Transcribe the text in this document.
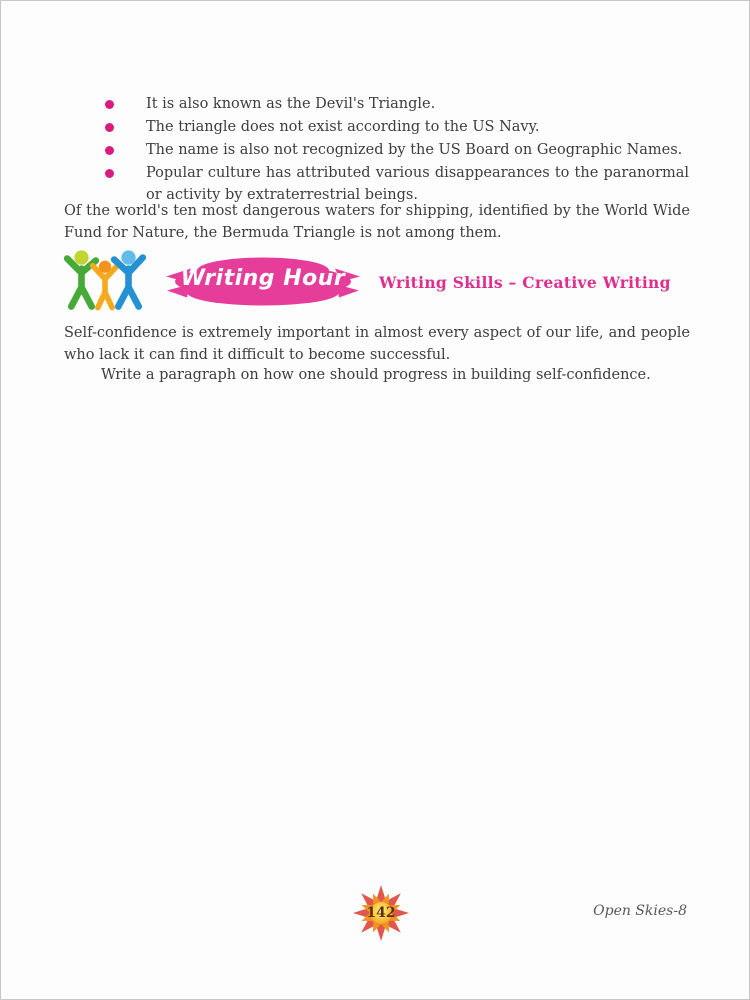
It is also known as the Devil's Triangle.
The triangle does not exist according to the US Navy.
The name is also not recognized by the US Board on Geographic Names.
Popular culture has attributed various disappearances to the paranormal or activity by extraterrestrial beings.

Of the world's ten most dangerous waters for shipping, identified by the World Wide Fund for Nature, the Bermuda Triangle is not among them.

Writing Hour	Writing Skills – Creative Writing

Self-confidence is extremely important in almost every aspect of our life, and people who lack it can find it difficult to become successful.

Write a paragraph on how one should progress in building self-confidence.

142	Open Skies-8
